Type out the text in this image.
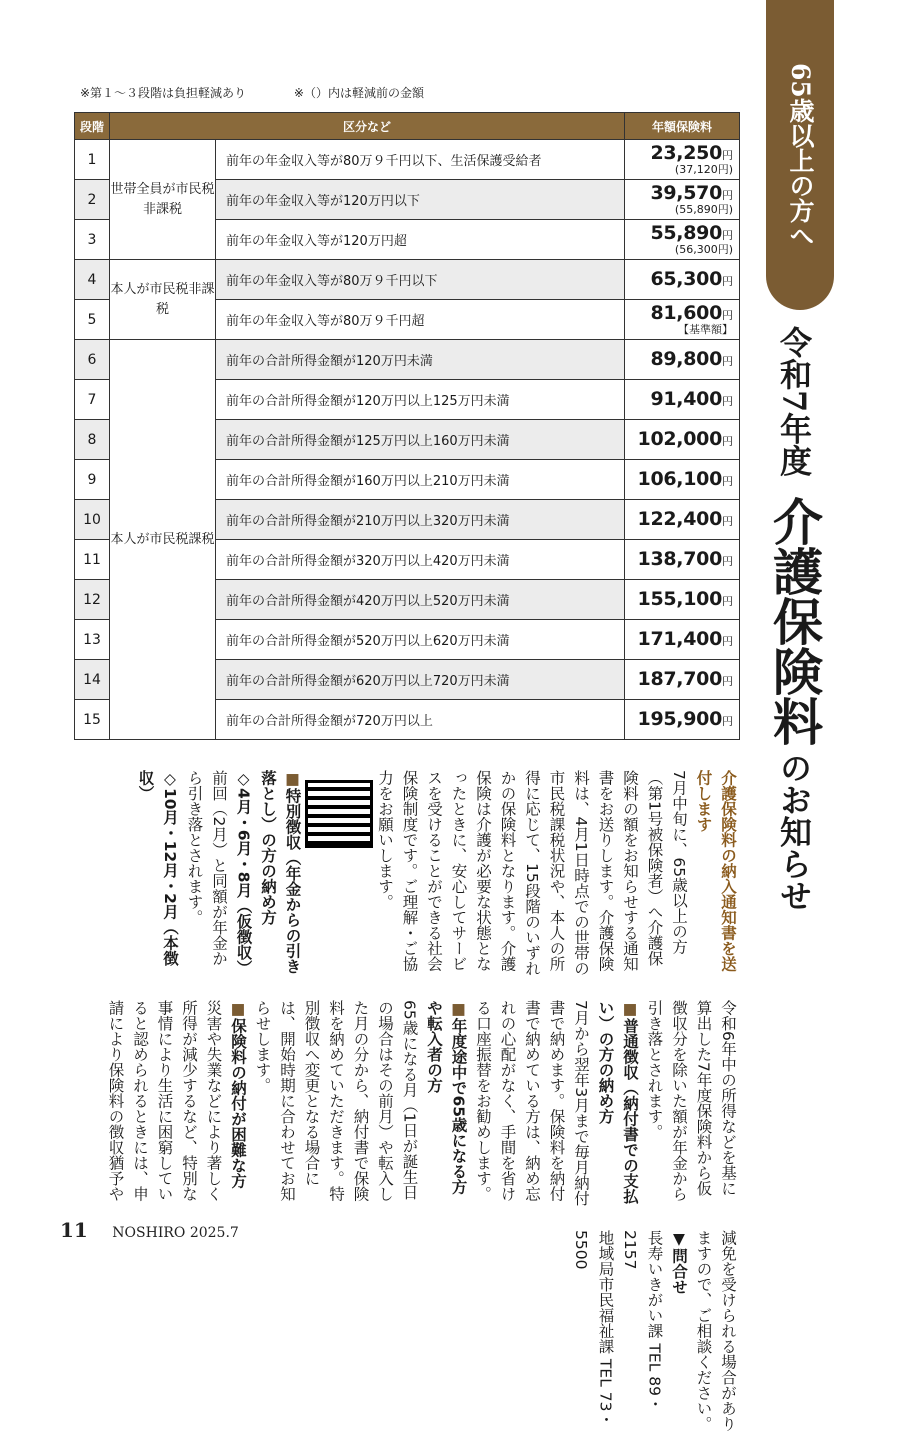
※第１～３段階は負担軽減あり	※（）内は軽減前の金額
段階	区分など		年額保険料
1	世帯全員が市民税非課税	前年の年金収入等が80万９千円以下、生活保護受給者	23,250円
(37,120円)

2		前年の年金収入等が120万円以下	39,570円
(55,890円)

3		前年の年金収入等が120万円超	55,890円
(56,300円)

4	本人が市民税非課税	前年の年金収入等が80万９千円以下	65,300円
5		前年の年金収入等が80万９千円超	81,600円
【基準額】

6	本人が市民税課税	前年の合計所得金額が120万円未満	89,800円
7		前年の合計所得金額が120万円以上125万円未満	91,400円
8		前年の合計所得金額が125万円以上160万円未満	102,000円
9		前年の合計所得金額が160万円以上210万円未満	106,100円
10		前年の合計所得金額が210万円以上320万円未満	122,400円
11		前年の合計所得金額が320万円以上420万円未満	138,700円
12		前年の合計所得金額が420万円以上520万円未満	155,100円
13		前年の合計所得金額が520万円以上620万円未満	171,400円
14		前年の合計所得金額が620万円以上720万円未満	187,700円
15		前年の合計所得金額が720万円以上	195,900円
65歳以上の方へ
令和7年度 介護保険料 のお知らせ

介護保険料の納入通知書を送付します

7月中旬に、65歳以上の方（第1号被保険者）へ介護保険料の額をお知らせする通知書をお送りします。介護保険料は、4月1日時点での世帯の市民税課税状況や、本人の所得に応じて、15段階のいずれかの保険料となります。介護保険は介護が必要な状態となったときに、安心してサービスを受けることができる社会保険制度です。ご理解・ご協力をお願いします。

■特別徴収（年金からの引き落とし）の方の納め方

◇4月・6月・8月（仮徴収）

前回（2月）と同額が年金から引き落とされます。

◇10月・12月・2月（本徴収）

令和6年中の所得などを基に算出した7年度保険料から仮徴収分を除いた額が年金から引き落とされます。

■普通徴収（納付書での支払い）の方の納め方

7月から翌年3月まで毎月納付書で納めます。保険料を納付書で納めている方は、納め忘れの心配がなく、手間を省ける口座振替をお勧めします。

■年度途中で65歳になる方や転入者の方

65歳になる月（1日が誕生日の場合はその前月）や転入した月の分から、納付書で保険料を納めていただきます。特別徴収へ変更となる場合には、開始時期に合わせてお知らせします。

■保険料の納付が困難な方

災害や失業などにより著しく所得が減少するなど、特別な事情により生活に困窮していると認められるときには、申請により保険料の徴収猶予や減免を受けられる場合がありますので、ご相談ください。

▼問合せ

長寿いきがい課 TEL 89・2157

地域局市民福祉課 TEL 73・5500

11 NOSHIRO 2025.7
